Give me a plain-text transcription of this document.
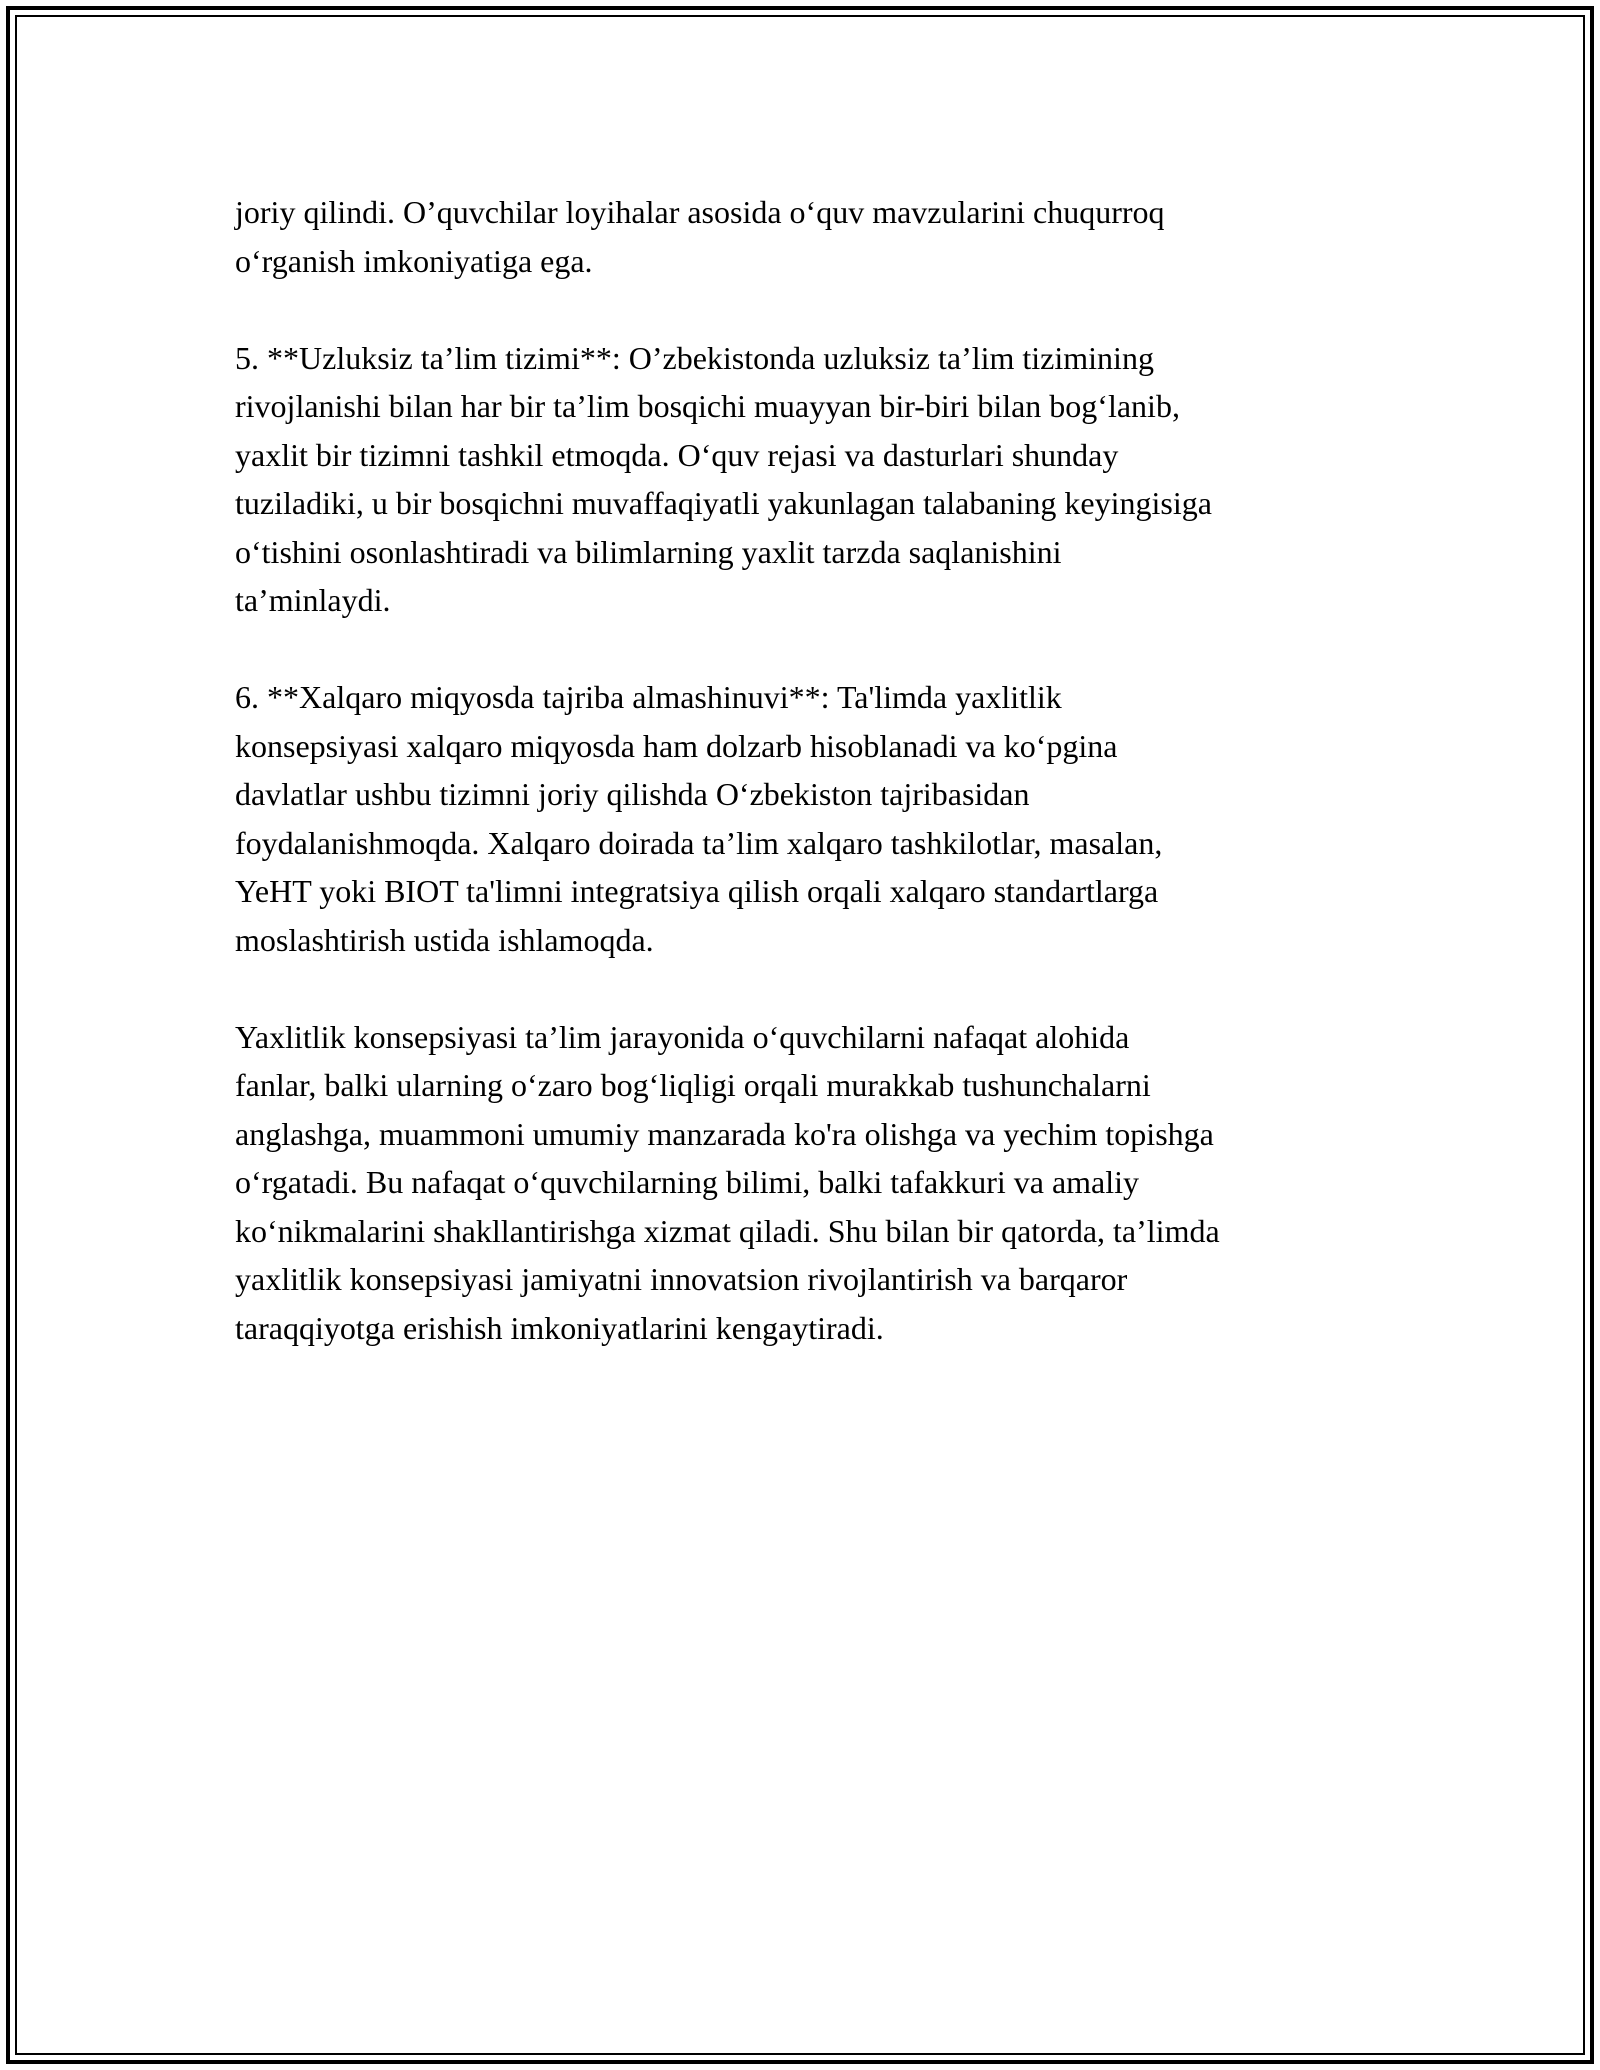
joriy qilindi. O’quvchilar loyihalar asosida o‘quv mavzularini chuqurroq
o‘rganish imkoniyatiga ega.

5. **Uzluksiz ta’lim tizimi**: O’zbekistonda uzluksiz ta’lim tizimining
rivojlanishi bilan har bir ta’lim bosqichi muayyan bir-biri bilan bog‘lanib,
yaxlit bir tizimni tashkil etmoqda. O‘quv rejasi va dasturlari shunday
tuziladiki, u bir bosqichni muvaffaqiyatli yakunlagan talabaning keyingisiga
o‘tishini osonlashtiradi va bilimlarning yaxlit tarzda saqlanishini
ta’minlaydi.

6. **Xalqaro miqyosda tajriba almashinuvi**: Ta'limda yaxlitlik
konsepsiyasi xalqaro miqyosda ham dolzarb hisoblanadi va ko‘pgina
davlatlar ushbu tizimni joriy qilishda O‘zbekiston tajribasidan
foydalanishmoqda. Xalqaro doirada ta’lim xalqaro tashkilotlar, masalan,
YeHT yoki BIOT ta'limni integratsiya qilish orqali xalqaro standartlarga
moslashtirish ustida ishlamoqda.

Yaxlitlik konsepsiyasi ta’lim jarayonida o‘quvchilarni nafaqat alohida
fanlar, balki ularning o‘zaro bog‘liqligi orqali murakkab tushunchalarni
anglashga, muammoni umumiy manzarada ko'ra olishga va yechim topishga
o‘rgatadi. Bu nafaqat o‘quvchilarning bilimi, balki tafakkuri va amaliy
ko‘nikmalarini shakllantirishga xizmat qiladi. Shu bilan bir qatorda, ta’limda
yaxlitlik konsepsiyasi jamiyatni innovatsion rivojlantirish va barqaror
taraqqiyotga erishish imkoniyatlarini kengaytiradi.
